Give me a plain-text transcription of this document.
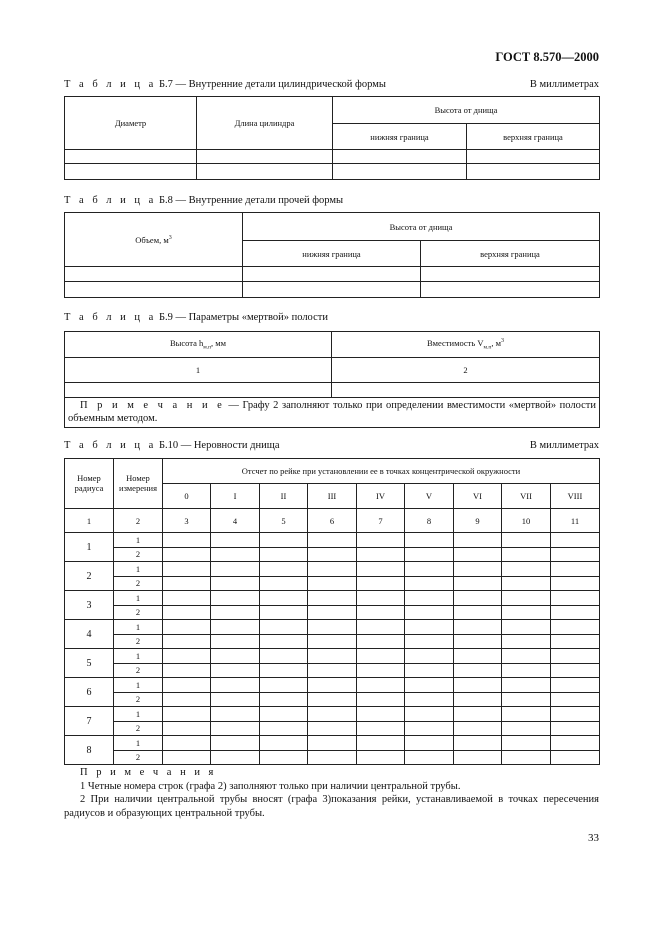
ГОСТ 8.570—2000
Т а б л и ц а Б.7 — Внутренние детали цилиндрической формы	В миллиметрах
Диаметр	Длина цилиндра	Высота от днища	
		нижняя граница	верхняя граница

Т а б л и ц а Б.8 — Внутренние детали прочей формы
Объем, $м^3$	Высота от днища	
	нижняя граница	верхняя граница

Т а б л и ц а Б.9 — Параметры «мертвой» полости
Высота $h_{м.п}$, мм	Вместимость $V_{м.п}$, $м^3$
1	2

П р и м е ч а н и е — Графу 2 заполняют только при определении вместимости «мертвой» полости объемным методом.	
Т а б л и ц а Б.10 — Неровности днища	В миллиметрах
Номер радиуса	Номер измерения	Отсчет по рейке при установлении ее в точках концентрической окружности								
		0	I	II	III	IV	V	VI	VII	VIII
1	2	3	4	5	6	7	8	9	10	11
1	1									
	2									
2	1									
	2									
3	1									
	2									
4	1									
	2									
5	1									
	2									
6	1									
	2									
7	1									
	2									
8	1									
	2									

П р и м е ч а н и я

1 Четные номера строк (графа 2) заполняют только при наличии центральной трубы.

2 При наличии центральной трубы вносят (графа 3)показания рейки, устанавливаемой в точках пересечения радиусов и образующих центральной трубы.

33
